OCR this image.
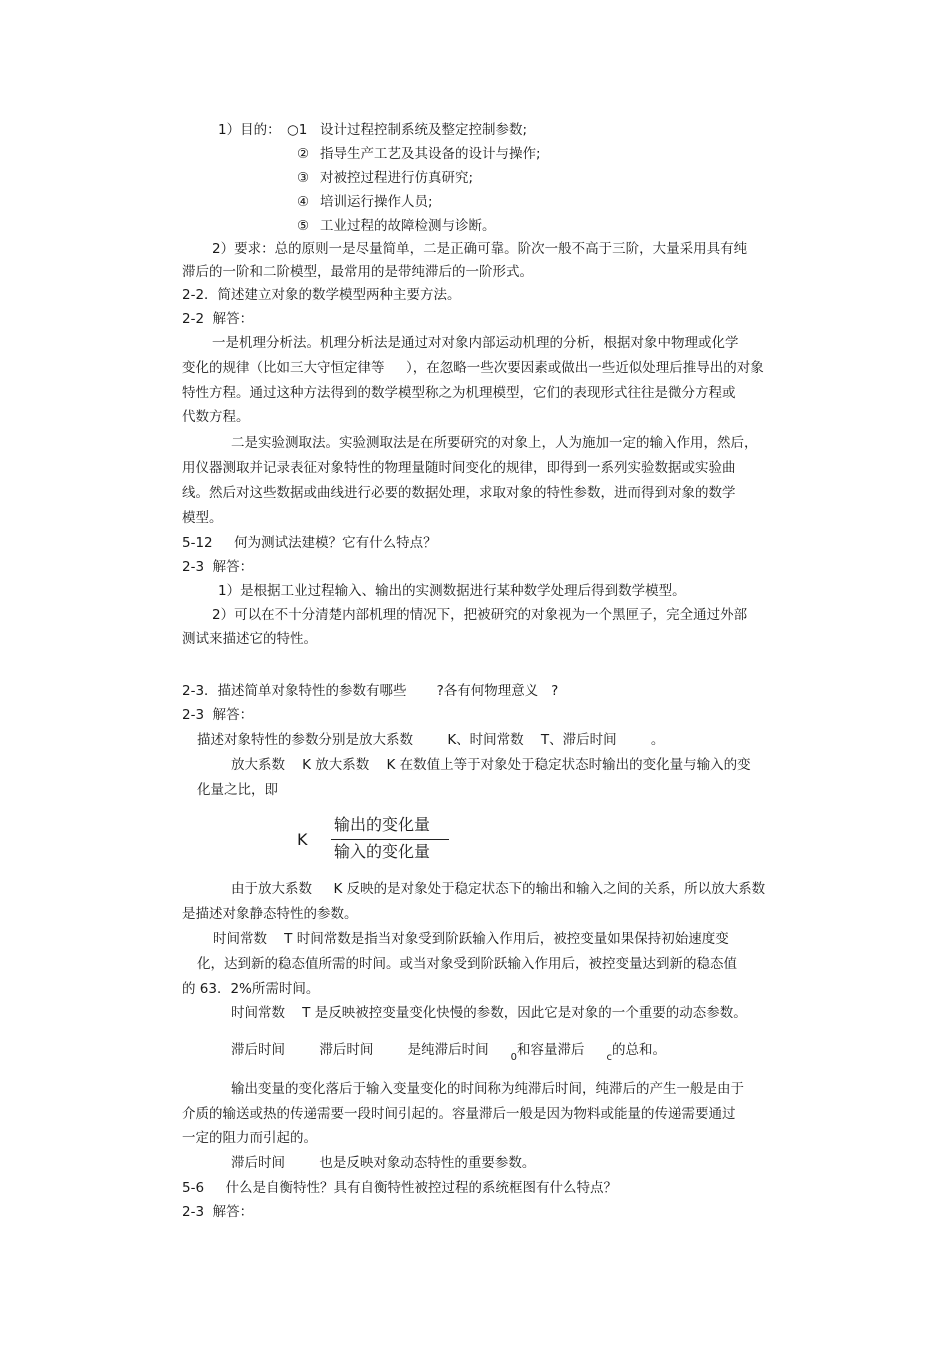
1）目的： ○1 设计过程控制系统及整定控制参数;
② 指导生产工艺及其设备的设计与操作;
③ 对被控过程进行仿真研究;
④ 培训运行操作人员;
⑤ 工业过程的故障检测与诊断。
2）要求：总的原则一是尽量简单，二是正确可靠。阶次一般不高于三阶，大量采用具有纯
滞后的一阶和二阶模型，最常用的是带纯滞后的一阶形式。
2-2．简述建立对象的数学模型两种主要方法。
2-2  解答：
一是机理分析法。机理分析法是通过对对象内部运动机理的分析，根据对象中物理或化学
变化的规律（比如三大守恒定律等     ），在忽略一些次要因素或做出一些近似处理后推导出的对象
特性方程。通过这种方法得到的数学模型称之为机理模型，它们的表现形式往往是微分方程或
代数方程。
二是实验测取法。实验测取法是在所要研究的对象上，人为施加一定的输入作用，然后，
用仪器测取并记录表征对象特性的物理量随时间变化的规律，即得到一系列实验数据或实验曲
线。然后对这些数据或曲线进行必要的数据处理，求取对象的特性参数，进而得到对象的数学
模型。
5-12     何为测试法建模？它有什么特点？
2-3  解答：
1）是根据工业过程输入、输出的实测数据进行某种数学处理后得到数学模型。
2）可以在不十分清楚内部机理的情况下，把被研究的对象视为一个黑匣子，完全通过外部
测试来描述它的特性。
2-3．描述简单对象特性的参数有哪些       ?各有何物理意义   ?
2-3  解答：
描述对象特性的参数分别是放大系数        K、时间常数    T、滞后时间        。
放大系数    K 放大系数    K 在数值上等于对象处于稳定状态时输出的变化量与输入的变
化量之比，即
K
输出的变化量
输入的变化量
由于放大系数     K 反映的是对象处于稳定状态下的输出和输入之间的关系，所以放大系数
是描述对象静态特性的参数。
时间常数    T 时间常数是指当对象受到阶跃输入作用后，被控变量如果保持初始速度变
化，达到新的稳态值所需的时间。或当对象受到阶跃输入作用后，被控变量达到新的稳态值
的 63．2%所需时间。
时间常数    T 是反映被控变量变化快慢的参数，因此它是对象的一个重要的动态参数。
滞后时间        滞后时间        是纯滞后时间 $_0$和容量滞后 $_c$的总和。
输出变量的变化落后于输入变量变化的时间称为纯滞后时间，纯滞后的产生一般是由于
介质的输送或热的传递需要一段时间引起的。容量滞后一般是因为物料或能量的传递需要通过
一定的阻力而引起的。
滞后时间        也是反映对象动态特性的重要参数。
5-6     什么是自衡特性？具有自衡特性被控过程的系统框图有什么特点？
2-3  解答：
